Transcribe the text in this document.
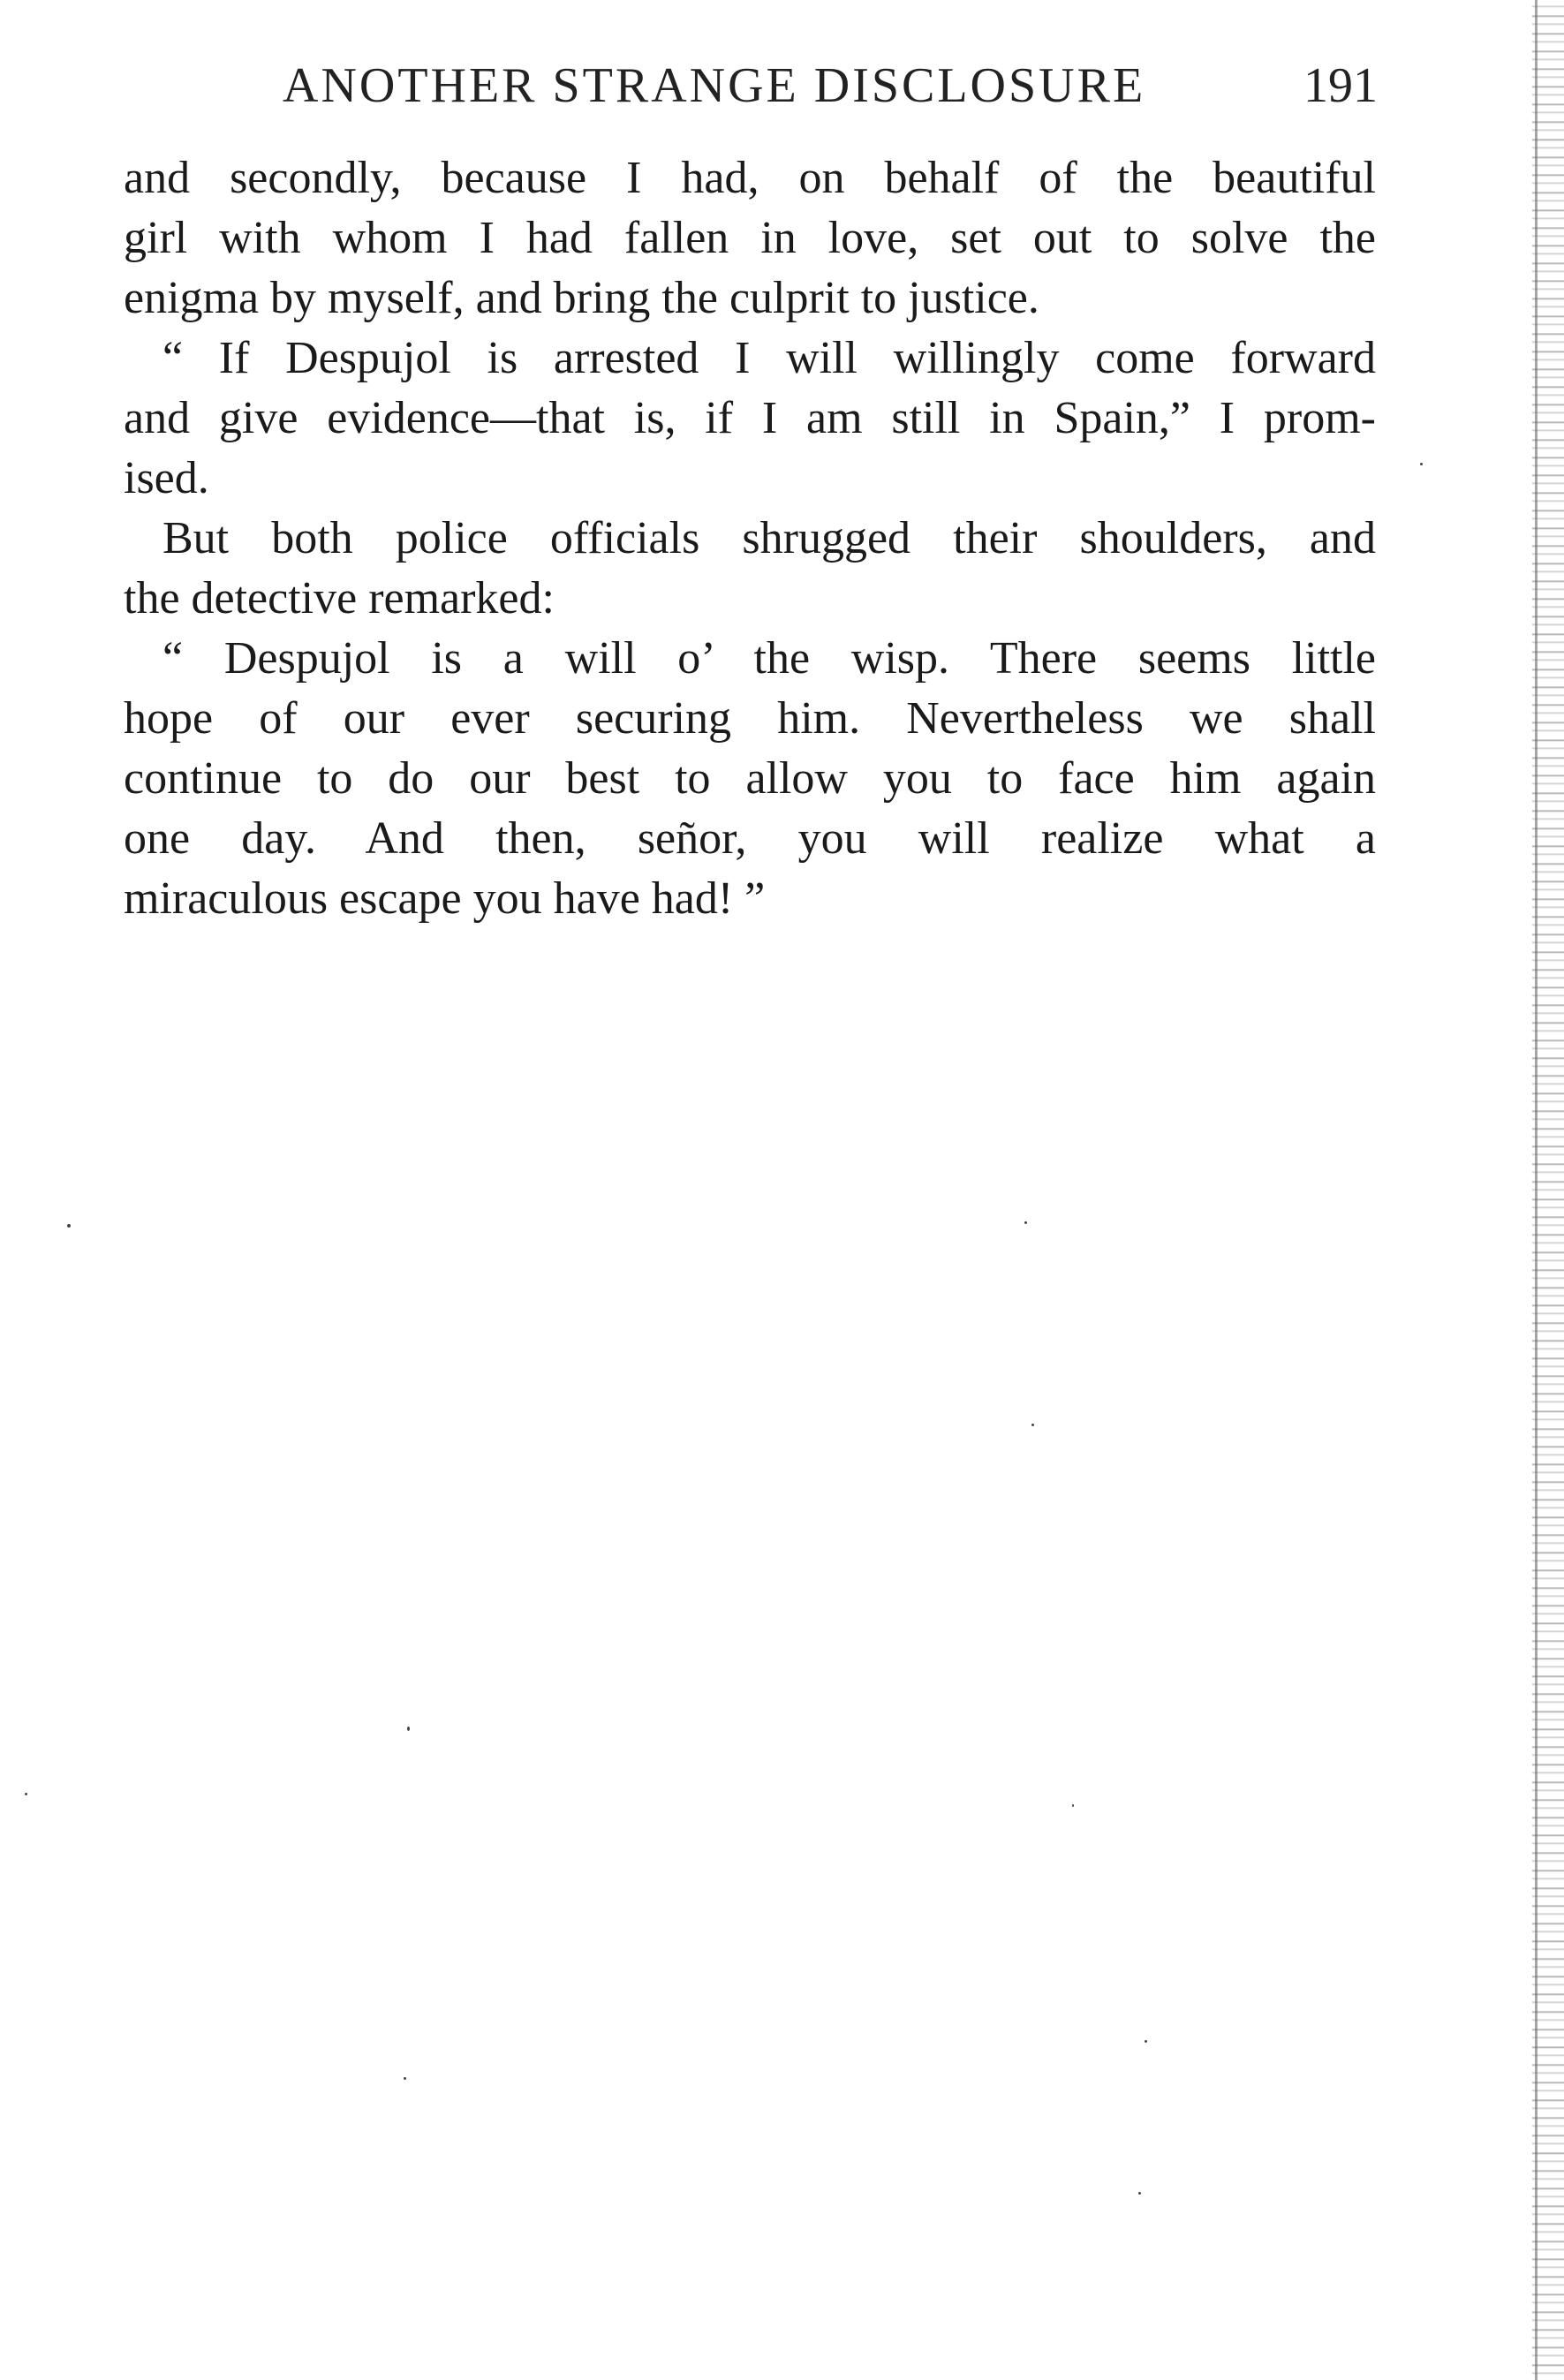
ANOTHER STRANGE DISCLOSURE	191
and secondly, because I had, on behalf of the beautiful
girl with whom I had fallen in love, set out to solve the
enigma by myself, and bring the culprit to justice.
“ If Despujol is arrested I will willingly come forward
and give evidence—that is, if I am still in Spain,” I prom-
ised.
But both police officials shrugged their shoulders, and
the detective remarked:
“ Despujol is a will o’ the wisp. There seems little
hope of our ever securing him. Nevertheless we shall
continue to do our best to allow you to face him again
one day. And then, señor, you will realize what a
miraculous escape you have had! ”
